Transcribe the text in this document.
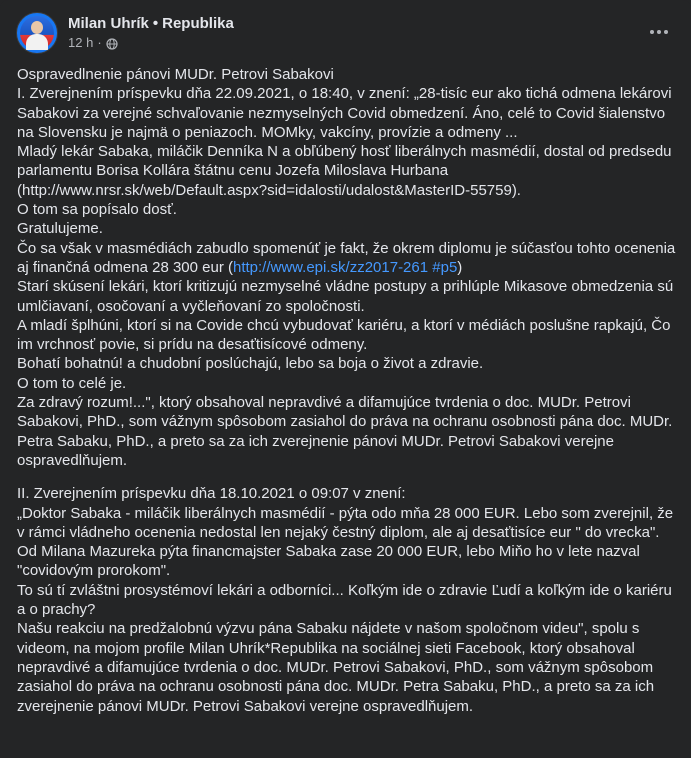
Milan Uhrík • Republika
12 h ·

Ospravedlnenie pánovi MUDr. Petrovi Sabakovi

I. Zverejnením príspevku dňa 22.09.2021, o 18:40, v znení: „28-tisíc eur ako tichá odmena lekárovi Sabakovi za verejné schvaľovanie nezmyselných Covid obmedzení. Áno, celé to Covid šialenstvo na Slovensku je najmä o peniazoch. MOMky, vakcíny, provízie a odmeny ...

Mladý lekár Sabaka, miláčik Denníka N a obľúbený hosť liberálnych masmédií, dostal od predsedu parlamentu Borisa Kollára štátnu cenu Jozefa Miloslava Hurbana (http://www.nrsr.sk/web/Default.aspx?sid=idalosti/udalost&MasterID-55759).

O tom sa popísalo dosť.

Gratulujeme.

Čo sa však v masmédiách zabudlo spomenúť je fakt, že okrem diplomu je súčasťou tohto ocenenia aj finančná odmena 28 300 eur (http://www.epi.sk/zz2017-261 #p5)

Starí skúsení lekári, ktorí kritizujú nezmyselné vládne postupy a prihlúple Mikasove obmedzenia sú umlčiavaní, osočovaní a vyčleňovaní zo spoločnosti.

A mladí šplhúni, ktorí si na Covide chcú vybudovať kariéru, a ktorí v médiách poslušne rapkajú, Čo im vrchnosť povie, si prídu na desaťtisícové odmeny.

Bohatí bohatnú! a chudobní poslúchajú, lebo sa boja o život a zdravie.

O tom to celé je.

Za zdravý rozum!...", ktorý obsahoval nepravdivé a difamujúce tvrdenia o doc. MUDr. Petrovi Sabakovi, PhD., som vážnym spôsobom zasiahol do práva na ochranu osobnosti pána doc. MUDr. Petra Sabaku, PhD., a preto sa za ich zverejnenie pánovi MUDr. Petrovi Sabakovi verejne ospravedlňujem.

II. Zverejnením príspevku dňa 18.10.2021 o 09:07 v znení:

„Doktor Sabaka - miláčik liberálnych masmédií - pýta odo mňa 28 000 EUR. Lebo som zverejnil, že v rámci vládneho ocenenia nedostal len nejaký čestný diplom, ale aj desaťtisíce eur " do vrecka".

Od Milana Mazureka pýta financmajster Sabaka zase 20 000 EUR, lebo Miňo ho v lete nazval "covidovým prorokom".

To sú tí zvláštni prosystémoví lekári a odborníci... Koľkým ide o zdravie Ľudí a koľkým ide o kariéru a o prachy?

Našu reakciu na predžalobnú výzvu pána Sabaku nájdete v našom spoločnom videu", spolu s videom, na mojom profile Milan Uhrík*Republika na sociálnej sieti Facebook, ktorý obsahoval nepravdivé a difamujúce tvrdenia o doc. MUDr. Petrovi Sabakovi, PhD., som vážnym spôsobom zasiahol do práva na ochranu osobnosti pána doc. MUDr. Petra Sabaku, PhD., a preto sa za ich zverejnenie pánovi MUDr. Petrovi Sabakovi verejne ospravedlňujem.
